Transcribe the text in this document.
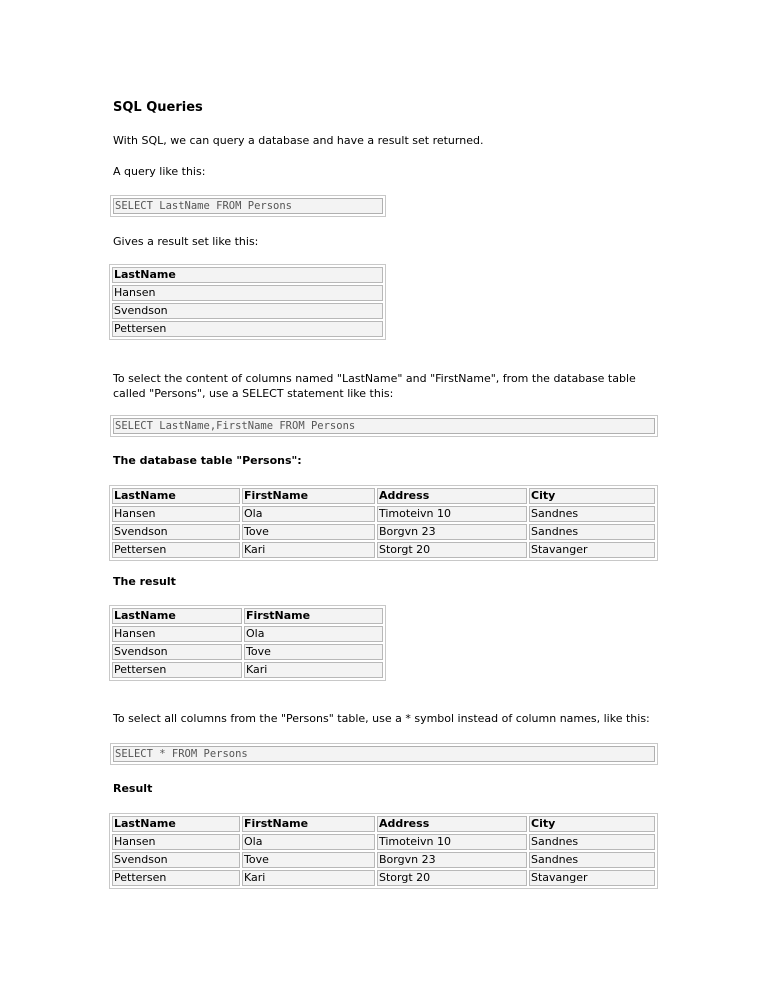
SQL Queries

With SQL, we can query a database and have a result set returned.

A query like this:

SELECT LastName FROM Persons

Gives a result set like this:

LastName
Hansen
Svendson
Pettersen

To select the content of columns named "LastName" and "FirstName", from the database table

called "Persons", use a SELECT statement like this:

SELECT LastName,FirstName FROM Persons
The database table "Persons":
LastName	FirstName	Address	City
Hansen	Ola	Timoteivn 10	Sandnes
Svendson	Tove	Borgvn 23	Sandnes
Pettersen	Kari	Storgt 20	Stavanger
The result
LastName	FirstName
Hansen	Ola
Svendson	Tove
Pettersen	Kari

To select all columns from the "Persons" table, use a * symbol instead of column names, like this:

SELECT * FROM Persons
Result
LastName	FirstName	Address	City
Hansen	Ola	Timoteivn 10	Sandnes
Svendson	Tove	Borgvn 23	Sandnes
Pettersen	Kari	Storgt 20	Stavanger
